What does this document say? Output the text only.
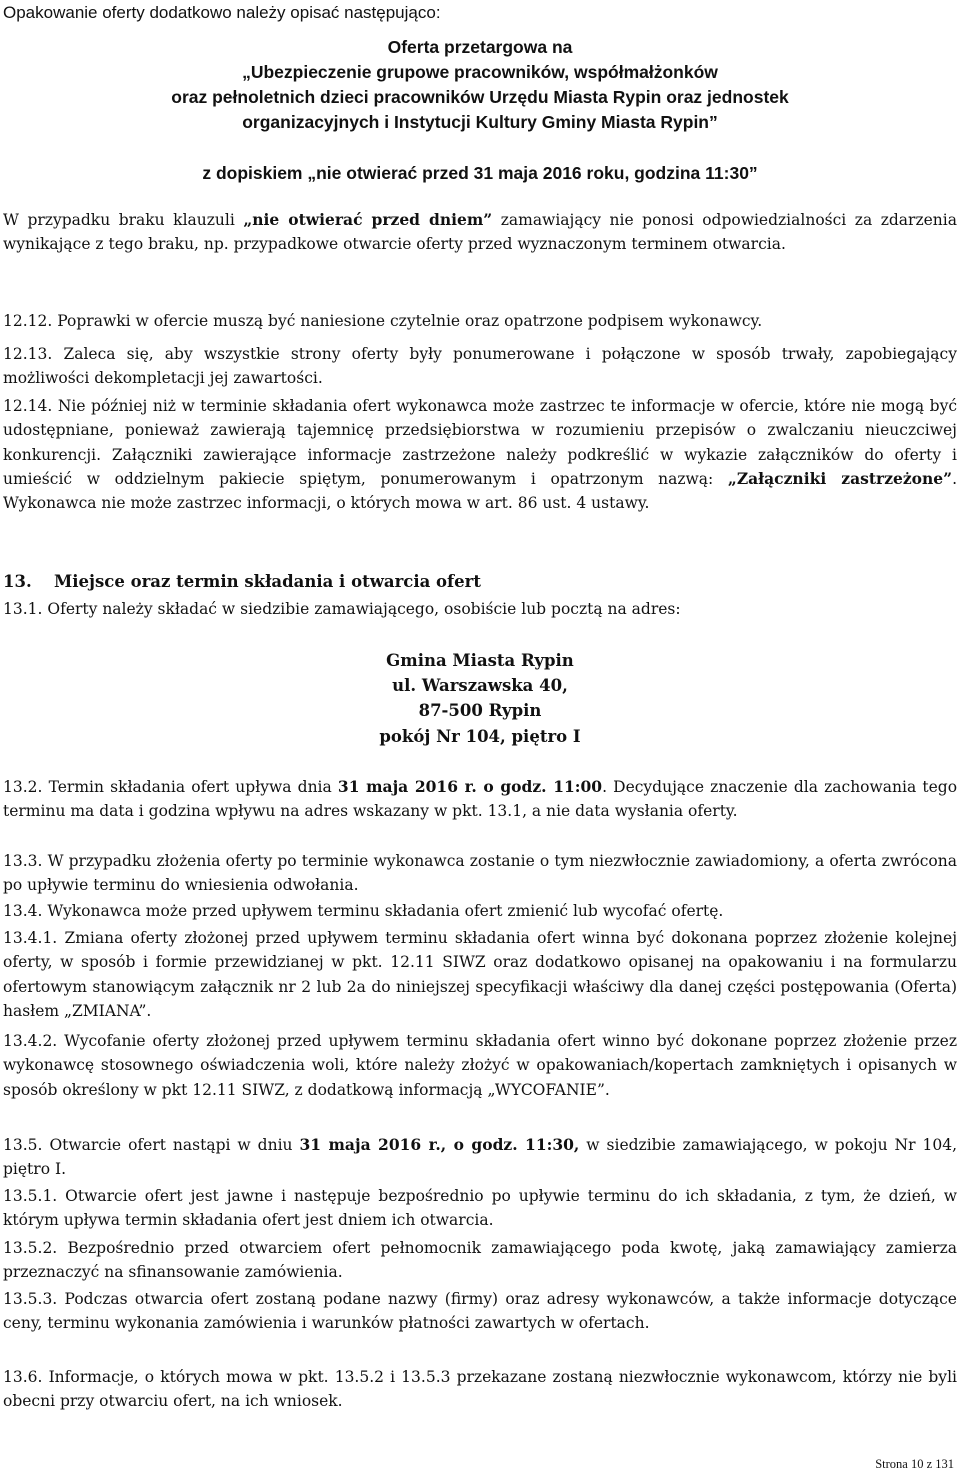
Opakowanie oferty dodatkowo należy opisać następująco:
Oferta przetargowa na
„Ubezpieczenie grupowe pracowników, współmałżonków
oraz pełnoletnich dzieci pracowników Urzędu Miasta Rypin oraz jednostek
organizacyjnych i Instytucji Kultury Gminy Miasta Rypin”
z dopiskiem „nie otwierać przed 31 maja 2016 roku, godzina 11:30”
W przypadku braku klauzuli „nie otwierać przed dniem” zamawiający nie ponosi odpowiedzialności za zdarzenia wynikające z tego braku, np. przypadkowe otwarcie oferty przed wyznaczonym terminem otwarcia.
12.12. Poprawki w ofercie muszą być naniesione czytelnie oraz opatrzone podpisem wykonawcy.
12.13. Zaleca się, aby wszystkie strony oferty były ponumerowane i połączone w sposób trwały, zapobiegający możliwości dekompletacji jej zawartości.
12.14. Nie później niż w terminie składania ofert wykonawca może zastrzec te informacje w ofercie, które nie mogą być udostępniane, ponieważ zawierają tajemnicę przedsiębiorstwa w rozumieniu przepisów o zwalczaniu nieuczciwej konkurencji. Załączniki zawierające informacje zastrzeżone należy podkreślić w wykazie załączników do oferty i umieścić w oddzielnym pakiecie spiętym, ponumerowanym i opatrzonym nazwą: „Załączniki zastrzeżone”. Wykonawca nie może zastrzec informacji, o których mowa w art. 86 ust. 4 ustawy.
13. Miejsce oraz termin składania i otwarcia ofert
13.1. Oferty należy składać w siedzibie zamawiającego, osobiście lub pocztą na adres:
Gmina Miasta Rypin
ul. Warszawska 40,
87-500 Rypin
pokój Nr 104, piętro I
13.2. Termin składania ofert upływa dnia 31 maja 2016 r. o godz. 11:00. Decydujące znaczenie dla zachowania tego terminu ma data i godzina wpływu na adres wskazany w pkt. 13.1, a nie data wysłania oferty.
13.3. W przypadku złożenia oferty po terminie wykonawca zostanie o tym niezwłocznie zawiadomiony, a oferta zwrócona po upływie terminu do wniesienia odwołania.
13.4. Wykonawca może przed upływem terminu składania ofert zmienić lub wycofać ofertę.
13.4.1. Zmiana oferty złożonej przed upływem terminu składania ofert winna być dokonana poprzez złożenie kolejnej oferty, w sposób i formie przewidzianej w pkt. 12.11 SIWZ oraz dodatkowo opisanej na opakowaniu i na formularzu ofertowym stanowiącym załącznik nr 2 lub 2a do niniejszej specyfikacji właściwy dla danej części postępowania (Oferta) hasłem „ZMIANA”.
13.4.2. Wycofanie oferty złożonej przed upływem terminu składania ofert winno być dokonane poprzez złożenie przez wykonawcę stosownego oświadczenia woli, które należy złożyć w opakowaniach/kopertach zamkniętych i opisanych w sposób określony w pkt 12.11 SIWZ, z dodatkową informacją „WYCOFANIE”.
13.5. Otwarcie ofert nastąpi w dniu 31 maja 2016 r., o godz. 11:30, w siedzibie zamawiającego, w pokoju Nr 104, piętro I.
13.5.1. Otwarcie ofert jest jawne i następuje bezpośrednio po upływie terminu do ich składania, z tym, że dzień, w którym upływa termin składania ofert jest dniem ich otwarcia.
13.5.2. Bezpośrednio przed otwarciem ofert pełnomocnik zamawiającego poda kwotę, jaką zamawiający zamierza przeznaczyć na sfinansowanie zamówienia.
13.5.3. Podczas otwarcia ofert zostaną podane nazwy (firmy) oraz adresy wykonawców, a także informacje dotyczące ceny, terminu wykonania zamówienia i warunków płatności zawartych w ofertach.
13.6. Informacje, o których mowa w pkt. 13.5.2 i 13.5.3 przekazane zostaną niezwłocznie wykonawcom, którzy nie byli obecni przy otwarciu ofert, na ich wniosek.
Strona 10 z 131
